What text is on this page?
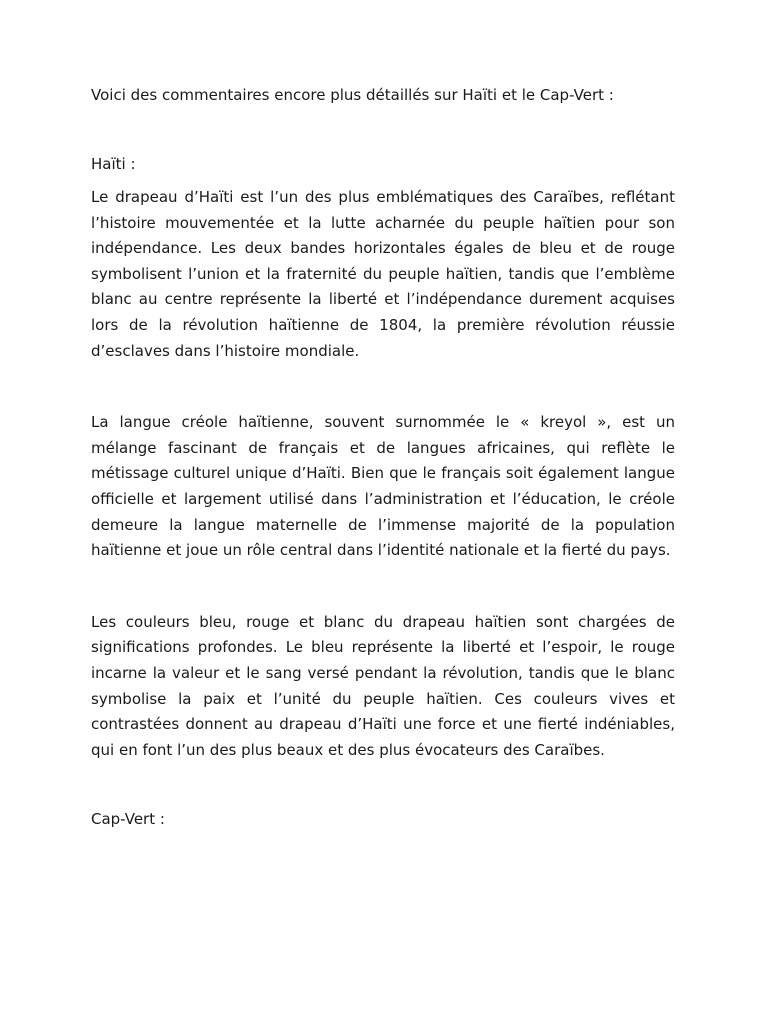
Voici des commentaires encore plus détaillés sur Haïti et le Cap-Vert :

Haïti :

Le drapeau d’Haïti est l’un des plus emblématiques des Caraïbes, reflétant l’histoire mouvementée et la lutte acharnée du peuple haïtien pour son indépendance. Les deux bandes horizontales égales de bleu et de rouge symbolisent l’union et la fraternité du peuple haïtien, tandis que l’emblème blanc au centre représente la liberté et l’indépendance durement acquises lors de la révolution haïtienne de 1804, la première révolution réussie d’esclaves dans l’histoire mondiale.

La langue créole haïtienne, souvent surnommée le « kreyol », est un mélange fascinant de français et de langues africaines, qui reflète le métissage culturel unique d’Haïti. Bien que le français soit également langue officielle et largement utilisé dans l’administration et l’éducation, le créole demeure la langue maternelle de l’immense majorité de la population haïtienne et joue un rôle central dans l’identité nationale et la fierté du pays.

Les couleurs bleu, rouge et blanc du drapeau haïtien sont chargées de significations profondes. Le bleu représente la liberté et l’espoir, le rouge incarne la valeur et le sang versé pendant la révolution, tandis que le blanc symbolise la paix et l’unité du peuple haïtien. Ces couleurs vives et contrastées donnent au drapeau d’Haïti une force et une fierté indéniables, qui en font l’un des plus beaux et des plus évocateurs des Caraïbes.

Cap-Vert :
